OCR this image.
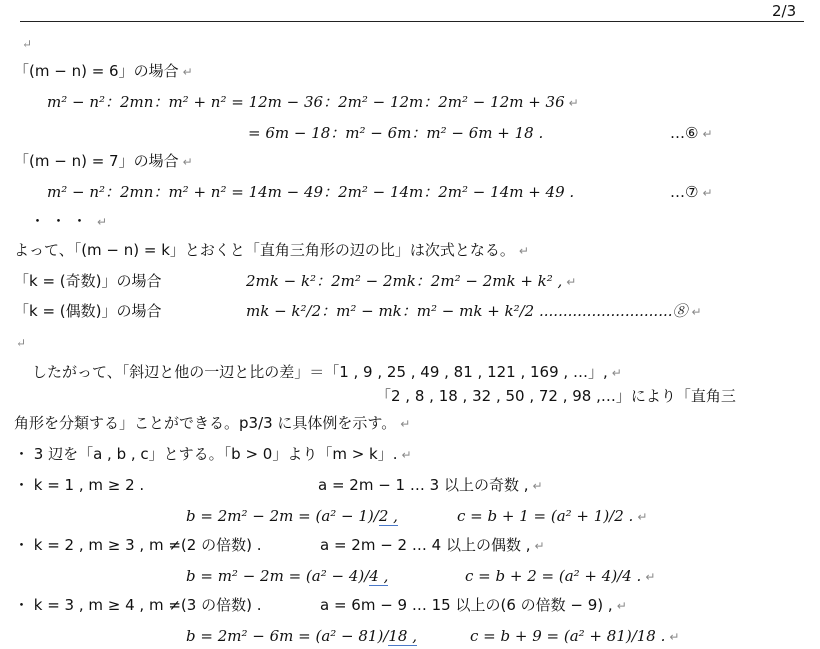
2/3
↵
「(m − n) = 6」の場合 ↵
m² − n²：2mn：m² + n² = 12m − 36：2m² − 12m：2m² − 12m + 36 ↵
= 6m − 18：m² − 6m：m² − 6m + 18 .	…⑥ ↵
「(m − n) = 7」の場合 ↵
m² − n²：2mn：m² + n² = 14m − 49：2m² − 14m：2m² − 14m + 49 .	…⑦ ↵
・・・ ↵
よって、「(m − n) = k」とおくと「直角三角形の辺の比」は次式となる。 ↵
「k = (奇数)」の場合	2mk − k²：2m² − 2mk：2m² − 2mk + k² , ↵
「k = (偶数)」の場合	mk − k²/2：m² − mk：m² − mk + k²/2 ............................⑧ ↵
↵
したがって、「斜辺と他の一辺と比の差」＝「1 , 9 , 25 , 49 , 81 , 121 , 169 , …」, ↵
「2 , 8 , 18 , 32 , 50 , 72 , 98 ,…」により「直角三
角形を分類する」ことができる。p3/3 に具体例を示す。 ↵
・ 3 辺を「a , b , c」とする。「b > 0」より「m > k」. ↵
・ k = 1 , m ≥ 2 .	a = 2m − 1 … 3 以上の奇数 , ↵
b = 2m² − 2m = (a² − 1)/2 ,	c = b + 1 = (a² + 1)/2 . ↵
・ k = 2 , m ≥ 3 , m ≠(2 の倍数) .	a = 2m − 2 … 4 以上の偶数 , ↵
b = m² − 2m = (a² − 4)/4 ,	c = b + 2 = (a² + 4)/4 . ↵
・ k = 3 , m ≥ 4 , m ≠(3 の倍数) .	a = 6m − 9 … 15 以上の(6 の倍数 − 9) , ↵
b = 2m² − 6m = (a² − 81)/18 ,	c = b + 9 = (a² + 81)/18 . ↵
